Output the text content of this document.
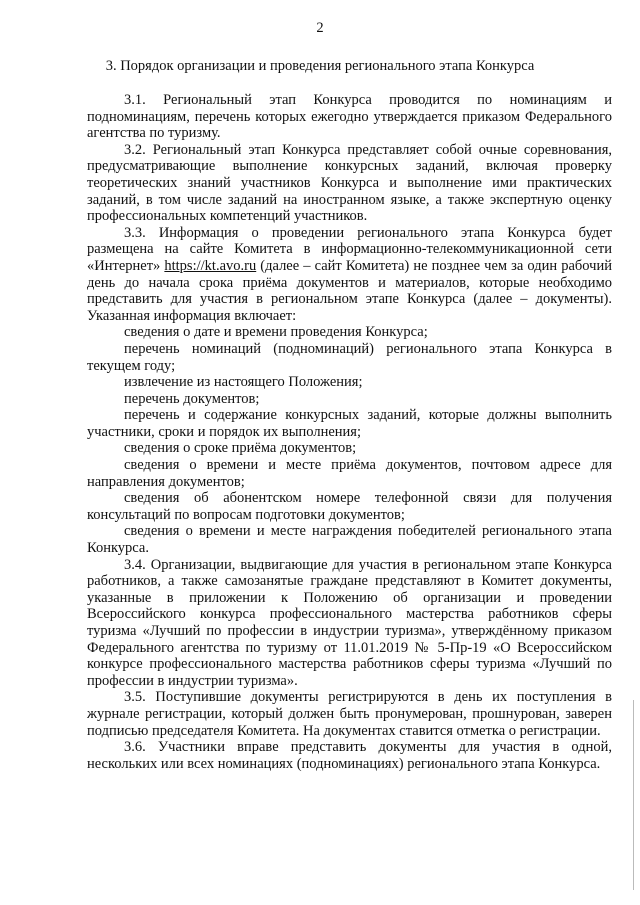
2
3. Порядок организации и проведения регионального этапа Конкурса

3.1. Региональный этап Конкурса проводится по номинациям и подноминациям, перечень которых ежегодно утверждается приказом Федерального агентства по туризму.

3.2. Региональный этап Конкурса представляет собой очные соревнования, предусматривающие выполнение конкурсных заданий, включая проверку теоретических знаний участников Конкурса и выполнение ими практических заданий, в том числе заданий на иностранном языке, а также экспертную оценку профессиональных компетенций участников.

3.3. Информация о проведении регионального этапа Конкурса будет размещена на сайте Комитета в информационно-телекоммуникационной сети «Интернет» https://kt.avo.ru (далее – сайт Комитета) не позднее чем за один рабочий день до начала срока приёма документов и материалов, которые необходимо представить для участия в региональном этапе Конкурса (далее – документы). Указанная информация включает:

сведения о дате и времени проведения Конкурса;

перечень номинаций (подноминаций) регионального этапа Конкурса в текущем году;

извлечение из настоящего Положения;

перечень документов;

перечень и содержание конкурсных заданий, которые должны выполнить участники, сроки и порядок их выполнения;

сведения о сроке приёма документов;

сведения о времени и месте приёма документов, почтовом адресе для направления документов;

сведения об абонентском номере телефонной связи для получения консультаций по вопросам подготовки документов;

сведения о времени и месте награждения победителей регионального этапа Конкурса.

3.4. Организации, выдвигающие для участия в региональном этапе Конкурса работников, а также самозанятые граждане представляют в Комитет документы, указанные в приложении к Положению об организации и проведении Всероссийского конкурса профессионального мастерства работников сферы туризма «Лучший по профессии в индустрии туризма», утверждённому приказом Федерального агентства по туризму от 11.01.2019 № 5-Пр-19 «О Всероссийском конкурсе профессионального мастерства работников сферы туризма «Лучший по профессии в индустрии туризма».

3.5. Поступившие документы регистрируются в день их поступления в журнале регистрации, который должен быть пронумерован, прошнурован, заверен подписью председателя Комитета. На документах ставится отметка о регистрации.

3.6. Участники вправе представить документы для участия в одной, нескольких или всех номинациях (подноминациях) регионального этапа Конкурса.
